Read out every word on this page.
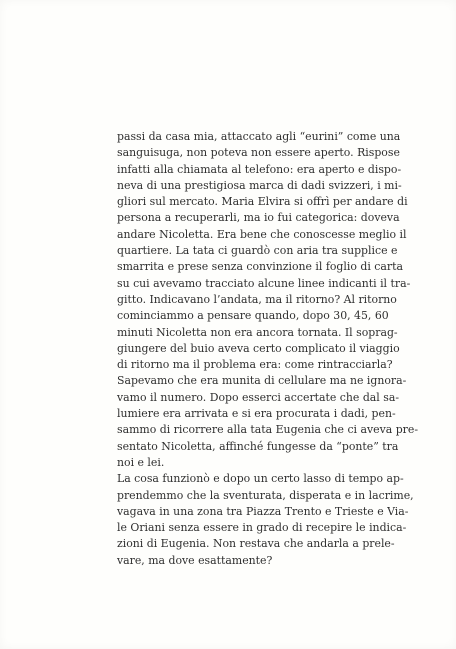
passi da casa mia, attaccato agli “eurini” come una
sanguisuga, non poteva non essere aperto. Rispose
infatti alla chiamata al telefono: era aperto e dispo-
neva di una prestigiosa marca di dadi svizzeri, i mi-
gliori sul mercato. Maria Elvira si offrì per andare di
persona a recuperarli, ma io fui categorica: doveva
andare Nicoletta. Era bene che conoscesse meglio il
quartiere. La tata ci guardò con aria tra supplice e
smarrita e prese senza convinzione il foglio di carta
su cui avevamo tracciato alcune linee indicanti il tra-
gitto. Indicavano l’andata, ma il ritorno? Al ritorno
cominciammo a pensare quando, dopo 30, 45, 60
minuti Nicoletta non era ancora tornata. Il soprag-
giungere del buio aveva certo complicato il viaggio
di ritorno ma il problema era: come rintracciarla?
Sapevamo che era munita di cellulare ma ne ignora-
vamo il numero. Dopo esserci accertate che dal sa-
lumiere era arrivata e si era procurata i dadi, pen-
sammo di ricorrere alla tata Eugenia che ci aveva pre-
sentato Nicoletta, affinché fungesse da “ponte” tra
noi e lei.
La cosa funzionò e dopo un certo lasso di tempo ap-
prendemmo che la sventurata, disperata e in lacrime,
vagava in una zona tra Piazza Trento e Trieste e Via-
le Oriani senza essere in grado di recepire le indica-
zioni di Eugenia. Non restava che andarla a prele-
vare, ma dove esattamente?
